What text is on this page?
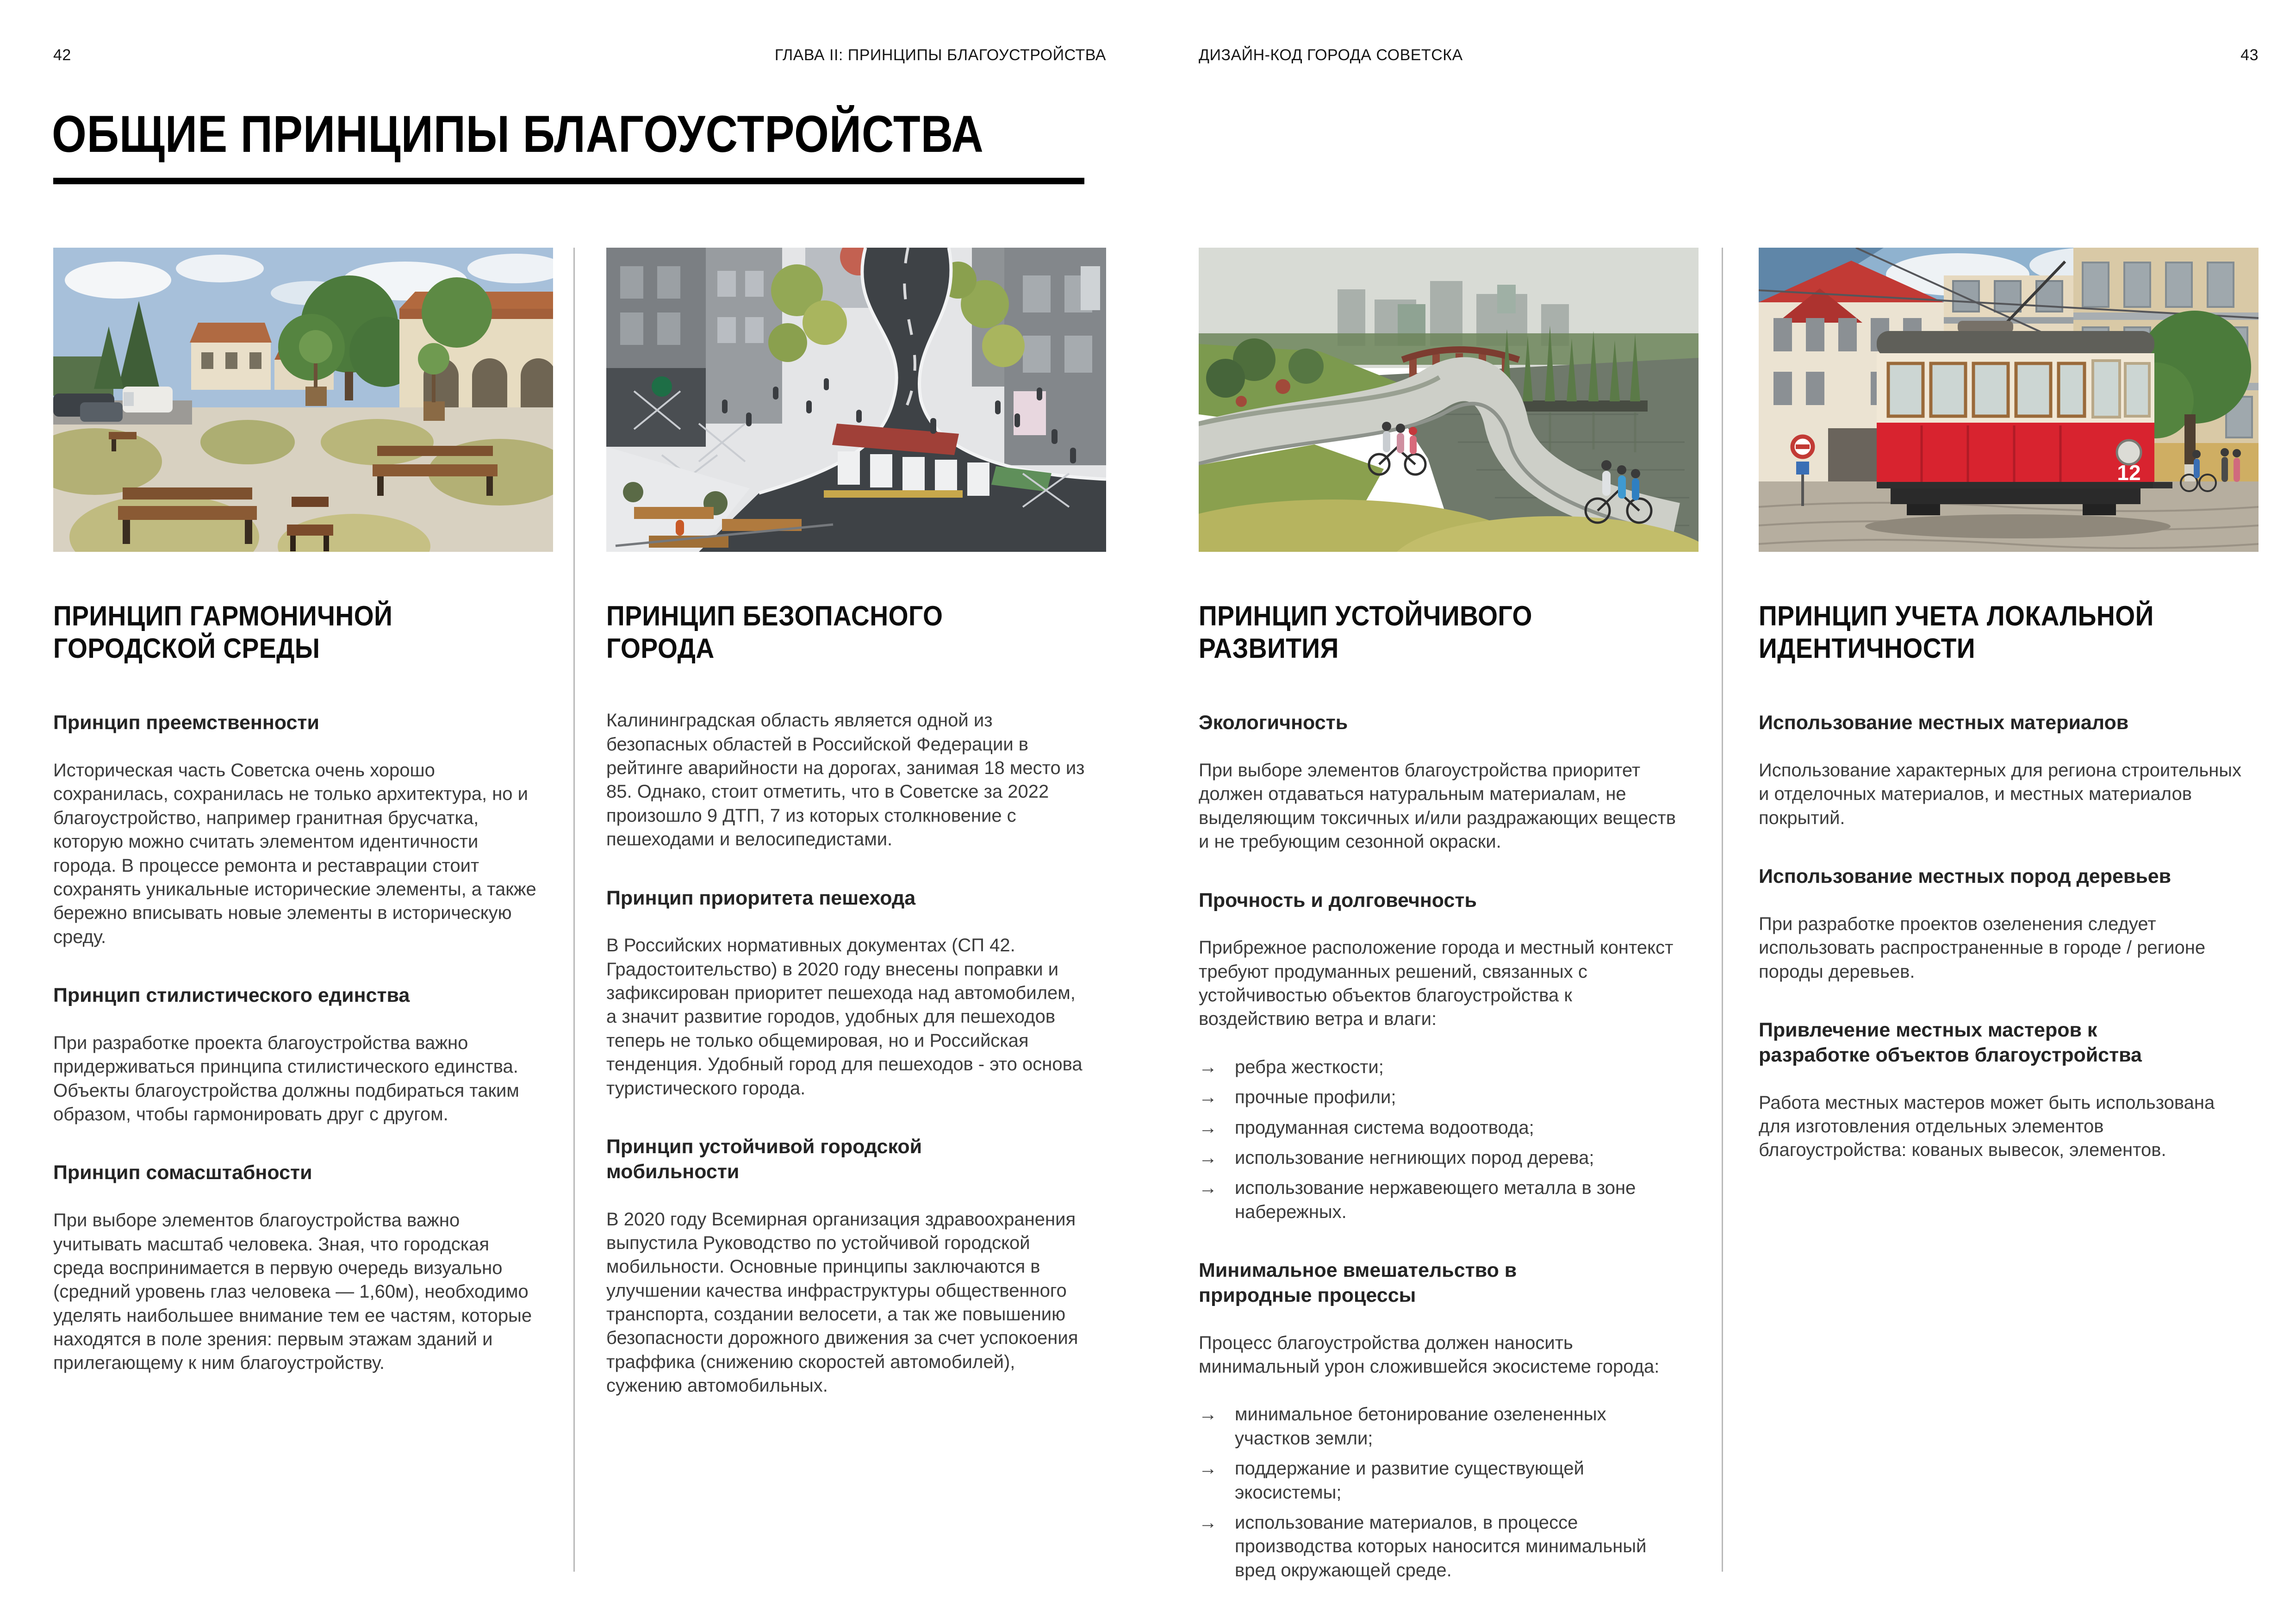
42	ГЛАВА II: ПРИНЦИПЫ БЛАГОУСТРОЙСТВА	ДИЗАЙН-КОД ГОРОДА СОВЕТСКА	43
ОБЩИЕ ПРИНЦИПЫ БЛАГОУСТРОЙСТВА
ПРИНЦИП ГАРМОНИЧНОЙ ГОРОДСКОЙ СРЕДЫ
Принцип преемственности

Историческая часть Советска очень хорошо сохранилась, сохранилась не только архитектура, но и благоустройство, например гранитная брусчатка, которую можно считать элементом идентичности города. В процессе ремонта и реставрации стоит сохранять уникальные исторические элементы, а также бережно вписывать новые элементы в историческую среду.

Принцип стилистического единства

При разработке проекта благоустройства важно придерживаться принципа стилистического единства. Объекты благоустройства должны подбираться таким образом, чтобы гармонировать друг с другом.

Принцип сомасштабности

При выборе элементов благоустройства важно учитывать масштаб человека. Зная, что городская среда воспринимается в первую очередь визуально (средний уровень глаз человека — 1,60м), необходимо уделять наибольшее внимание тем ее частям, которые находятся в поле зрения: первым этажам зданий и прилегающему к ним благоустройству.

ПРИНЦИП БЕЗОПАСНОГО ГОРОДА

Калининградская область является одной из безопасных областей в Российской Федерации в рейтинге аварийности на дорогах, занимая 18 место из 85. Однако, стоит отметить, что в Советске за 2022 произошло 9 ДТП, 7 из которых столкновение с пешеходами и велосипедистами.

Принцип приоритета пешехода

В Российских нормативных документах (СП 42. Градостоительство) в 2020 году внесены поправки и зафиксирован приоритет пешехода над автомобилем, а значит развитие городов, удобных для пешеходов теперь не только общемировая, но и Российская тенденция. Удобный город для пешеходов - это основа туристического города.

Принцип устойчивой городской мобильности

В 2020 году Всемирная организация здравоохранения выпустила Руководство по устойчивой городской мобильности. Основные принципы заключаются в улучшении качества инфраструктуры общественного транспорта, создании велосети, а так же повышению безопасности дорожного движения за счет успокоения траффика (снижению скоростей автомобилей), сужению автомобильных.

ПРИНЦИП УСТОЙЧИВОГО РАЗВИТИЯ
Экологичность

При выборе элементов благоустройства приоритет должен отдаваться натуральным материалам, не выделяющим токсичных и/или раздражающих веществ и не требующим сезонной окраски.

Прочность и долговечность

Прибрежное расположение города и местный контекст требуют продуманных решений, связанных с устойчивостью объектов благоустройства к воздействию ветра и влаги:

→ ребра жесткости;
→ прочные профили;
→ продуманная система водоотвода;
→ использование негниющих пород дерева;
→ использование нержавеющего металла в зоне набережных.
Минимальное вмешательство в природные процессы

Процесс благоустройства должен наносить минимальный урон сложившейся экосистеме города:

→ минимальное бетонирование озелененных участков земли;
→ поддержание и развитие существующей экосистемы;
→ использование материалов, в процессе производства которых наносится минимальный вред окружающей среде.
12
ПРИНЦИП УЧЕТА ЛОКАЛЬНОЙ ИДЕНТИЧНОСТИ
Использование местных материалов

Использование характерных для региона строительных и отделочных материалов, и местных материалов покрытий.

Использование местных пород деревьев

При разработке проектов озеленения следует использовать распространенные в городе / регионе породы деревьев.

Привлечение местных мастеров к разработке объектов благоустройства

Работа местных мастеров может быть использована для изготовления отдельных элементов благоустройства: кованых вывесок, элементов.
